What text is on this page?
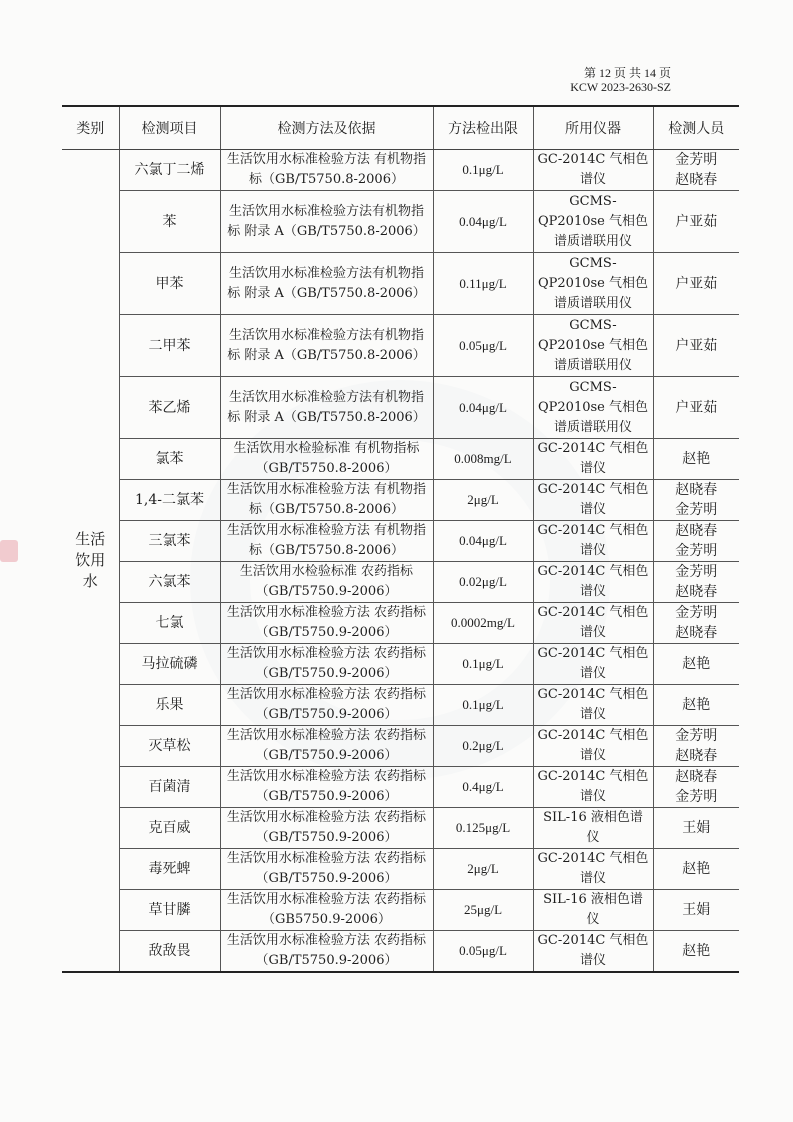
第 12 页 共 14 页
KCW 2023-2630-SZ
类别	检测项目	检测方法及依据	方法检出限	所用仪器	检测人员
生活饮用水	六氯丁二烯	生活饮用水标准检验方法 有机物指标（GB/T5750.8-2006）	0.1μg/L	GC-2014C 气相色谱仪	金芳明
赵晓春

	苯	生活饮用水标准检验方法有机物指标 附录 A（GB/T5750.8-2006）	0.04μg/L	GCMS-QP2010se 气相色谱质谱联用仪	户亚茹

	甲苯	生活饮用水标准检验方法有机物指标 附录 A（GB/T5750.8-2006）	0.11μg/L	GCMS-QP2010se 气相色谱质谱联用仪	户亚茹

	二甲苯	生活饮用水标准检验方法有机物指标 附录 A（GB/T5750.8-2006）	0.05μg/L	GCMS-QP2010se 气相色谱质谱联用仪	户亚茹

	苯乙烯	生活饮用水标准检验方法有机物指标 附录 A（GB/T5750.8-2006）	0.04μg/L	GCMS-QP2010se 气相色谱质谱联用仪	户亚茹

	氯苯	生活饮用水检验标准 有机物指标（GB/T5750.8-2006）	0.008mg/L	GC-2014C 气相色谱仪	赵艳

	1,4-二氯苯	生活饮用水标准检验方法 有机物指标（GB/T5750.8-2006）	2μg/L	GC-2014C 气相色谱仪	赵晓春
金芳明

	三氯苯	生活饮用水标准检验方法 有机物指标（GB/T5750.8-2006）	0.04μg/L	GC-2014C 气相色谱仪	赵晓春
金芳明

	六氯苯	生活饮用水检验标准 农药指标（GB/T5750.9-2006）	0.02μg/L	GC-2014C 气相色谱仪	金芳明
赵晓春

	七氯	生活饮用水标准检验方法 农药指标（GB/T5750.9-2006）	0.0002mg/L	GC-2014C 气相色谱仪	金芳明
赵晓春

	马拉硫磷	生活饮用水标准检验方法 农药指标（GB/T5750.9-2006）	0.1μg/L	GC-2014C 气相色谱仪	赵艳

	乐果	生活饮用水标准检验方法 农药指标（GB/T5750.9-2006）	0.1μg/L	GC-2014C 气相色谱仪	赵艳

	灭草松	生活饮用水标准检验方法 农药指标（GB/T5750.9-2006）	0.2μg/L	GC-2014C 气相色谱仪	金芳明
赵晓春

	百菌清	生活饮用水标准检验方法 农药指标（GB/T5750.9-2006）	0.4μg/L	GC-2014C 气相色谱仪	赵晓春
金芳明

	克百威	生活饮用水标准检验方法 农药指标（GB/T5750.9-2006）	0.125μg/L	SIL-16 液相色谱仪	王娟

	毒死蜱	生活饮用水标准检验方法 农药指标（GB/T5750.9-2006）	2μg/L	GC-2014C 气相色谱仪	赵艳

	草甘膦	生活饮用水标准检验方法 农药指标（GB5750.9-2006）	25μg/L	SIL-16 液相色谱仪	王娟

	敌敌畏	生活饮用水标准检验方法 农药指标（GB/T5750.9-2006）	0.05μg/L	GC-2014C 气相色谱仪	赵艳
